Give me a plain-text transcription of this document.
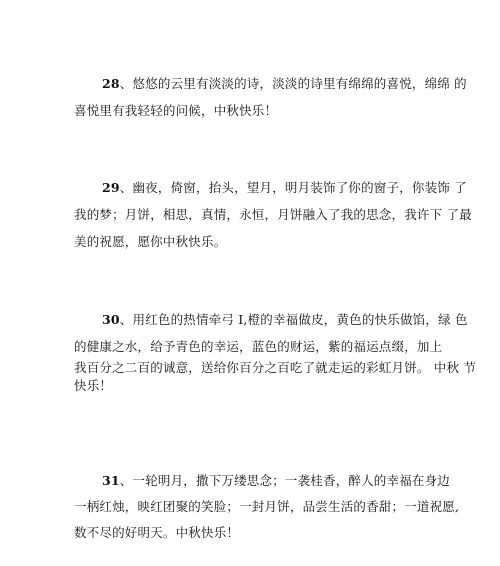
28、悠悠的云里有淡淡的诗，淡淡的诗里有绵绵的喜悦，绵绵 的
喜悦里有我轻轻的问候，中秋快乐！
29、幽夜，倚窗，抬头，望月，明月装饰了你的窗子，你装饰 了
我的梦；月饼，相思，真情，永恒，月饼融入了我的思念，我许下 了最
美的祝愿，愿你中秋快乐。
30、用红色的热情牵弓 I,橙的幸福做皮，黄色的快乐做馅，绿 色
的健康之水，给予青色的幸运，蓝色的财运，紫的福运点缀，加上
我百分之二百的诚意，送给你百分之百吃了就走运的彩虹月饼。 中秋 节
快乐！
31、一轮明月，撒下万缕思念；一袭桂香，醉人的幸福在身边
一柄红烛，映红团聚的笑脸；一封月饼，品尝生活的香甜；一道祝愿,
数不尽的好明天。中秋快乐！
